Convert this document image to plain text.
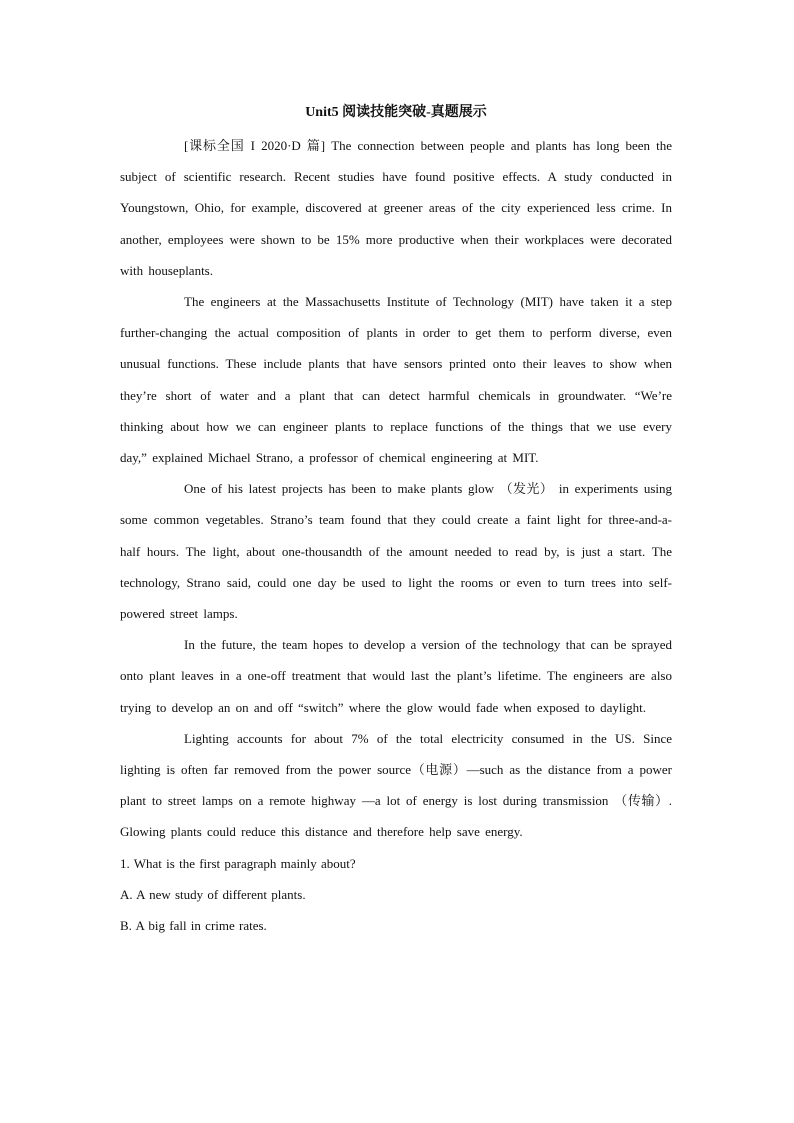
Unit5 阅读技能突破-真题展示

[课标全国 I 2020·D 篇] The connection between people and plants has long been the subject of scientific research. Recent studies have found positive effects. A study conducted in Youngstown, Ohio, for example, discovered at greener areas of the city experienced less crime. In another, employees were shown to be 15% more productive when their workplaces were decorated with houseplants.

The engineers at the Massachusetts Institute of Technology (MIT) have taken it a step further-changing the actual composition of plants in order to get them to perform diverse, even unusual functions. These include plants that have sensors printed onto their leaves to show when they’re short of water and a plant that can detect harmful chemicals in groundwater. “We’re thinking about how we can engineer plants to replace functions of the things that we use every day,” explained Michael Strano, a professor of chemical engineering at MIT.

One of his latest projects has been to make plants glow （发光） in experiments using some common vegetables. Strano’s team found that they could create a faint light for three-and-a-half hours. The light, about one-thousandth of the amount needed to read by, is just a start. The technology, Strano said, could one day be used to light the rooms or even to turn trees into self-powered street lamps.

In the future, the team hopes to develop a version of the technology that can be sprayed onto plant leaves in a one-off treatment that would last the plant’s lifetime. The engineers are also trying to develop an on and off “switch” where the glow would fade when exposed to daylight.

Lighting accounts for about 7% of the total electricity consumed in the US. Since lighting is often far removed from the power source（电源）—such as the distance from a power plant to street lamps on a remote highway —a lot of energy is lost during transmission （传输）. Glowing plants could reduce this distance and therefore help save energy.

1. What is the first paragraph mainly about?

A. A new study of different plants.

B. A big fall in crime rates.
